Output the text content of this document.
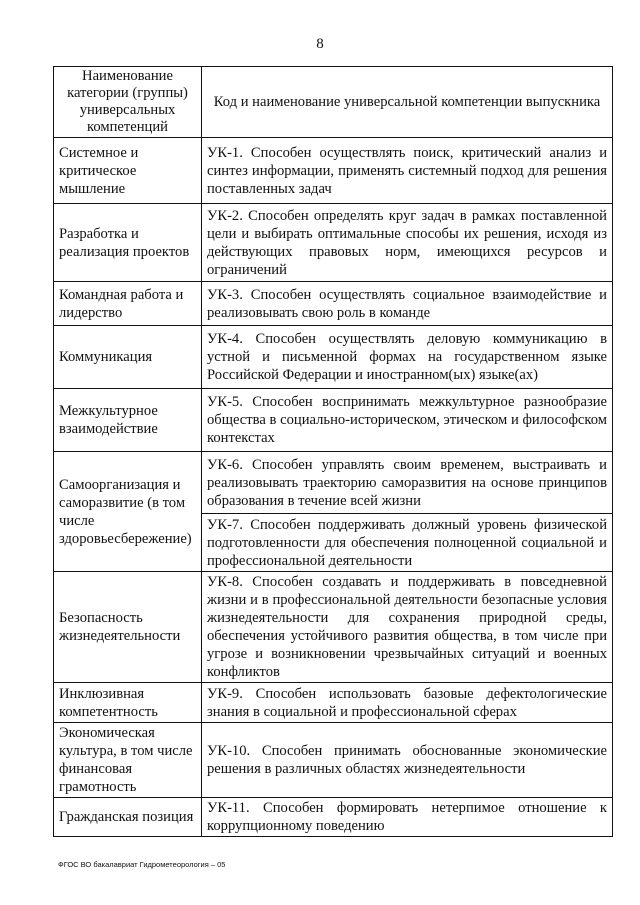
8
Наименование категории (группы) универсальных компетенций	Код и наименование универсальной компетенции выпускника
Системное и критическое мышление	УК-1. Способен осуществлять поиск, критический анализ и синтез информации, применять системный подход для решения поставленных задач
Разработка и реализация проектов	УК-2. Способен определять круг задач в рамках поставленной цели и выбирать оптимальные способы их решения, исходя из действующих правовых норм, имеющихся ресурсов и ограничений
Командная работа и лидерство	УК-3. Способен осуществлять социальное взаимодействие и реализовывать свою роль в команде
Коммуникация	УК-4. Способен осуществлять деловую коммуникацию в устной и письменной формах на государственном языке Российской Федерации и иностранном(ых) языке(ах)
Межкультурное взаимодействие	УК-5. Способен воспринимать межкультурное разнообразие общества в социально-историческом, этическом и философском контекстах
Самоорганизация и саморазвитие (в том числе здоровьесбережение)	УК-6. Способен управлять своим временем, выстраивать и реализовывать траекторию саморазвития на основе принципов образования в течение всей жизни
	УК-7. Способен поддерживать должный уровень физической подготовленности для обеспечения полноценной социальной и профессиональной деятельности
Безопасность жизнедеятельности	УК-8. Способен создавать и поддерживать в повседневной жизни и в профессиональной деятельности безопасные условия жизнедеятельности для сохранения природной среды, обеспечения устойчивого развития общества, в том числе при угрозе и возникновении чрезвычайных ситуаций и военных конфликтов
Инклюзивная компетентность	УК-9. Способен использовать базовые дефектологические знания в социальной и профессиональной сферах
Экономическая культура, в том числе финансовая грамотность	УК-10. Способен принимать обоснованные экономические решения в различных областях жизнедеятельности
Гражданская позиция	УК-11. Способен формировать нетерпимое отношение к коррупционному поведению
ФГОС ВО бакалавриат Гидрометеорология – 05
